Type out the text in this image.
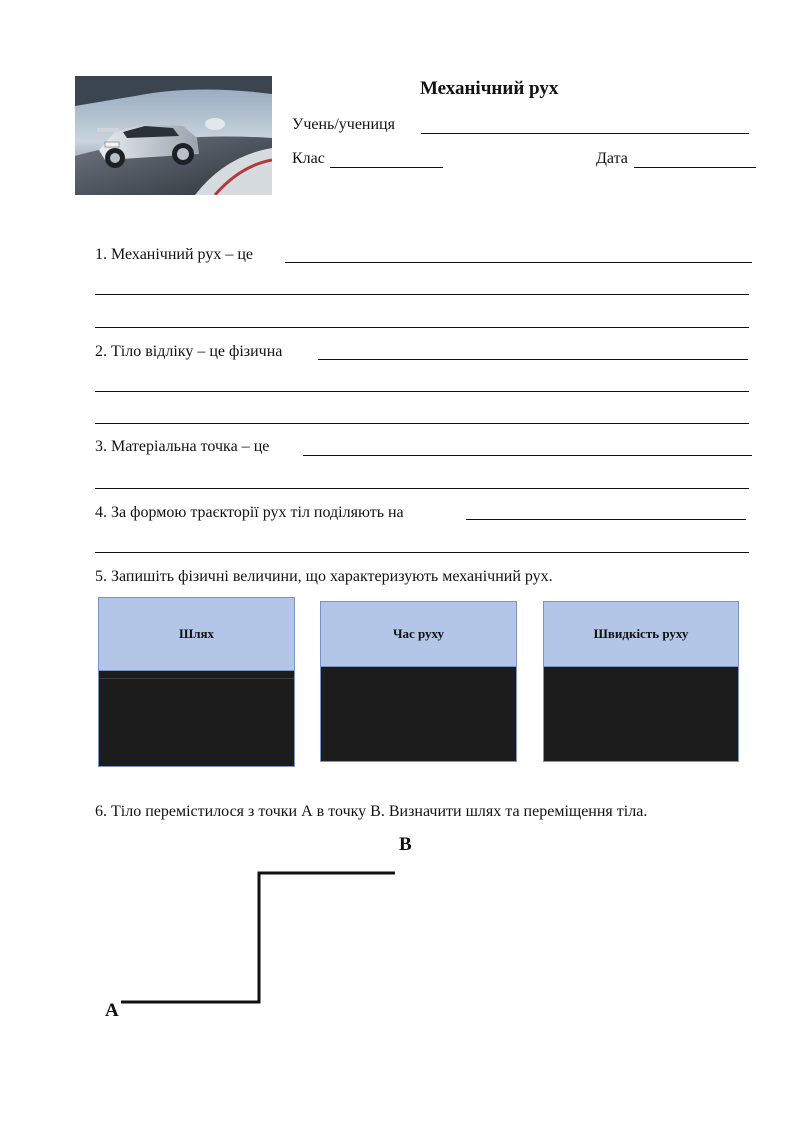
Механічний рух
Учень/учениця
Клас	Дата
1. Механічний рух – це
2. Тіло відліку – це фізична
3. Матеріальна точка – це
4. За формою траєкторії рух тіл поділяють на
5. Запишіть фізичні величини, що характеризують механічний рух.
Шлях	Час руху	Швидкість руху
6. Тіло перемістилося з точки А в точку В. Визначити шлях та переміщення тіла.
А
В
